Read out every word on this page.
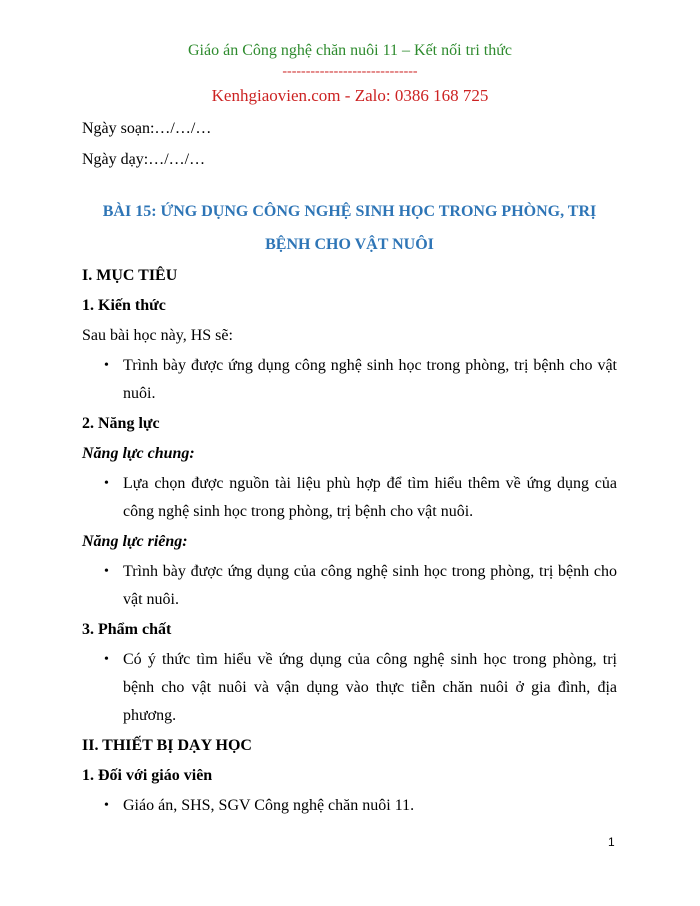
Giáo án Công nghệ chăn nuôi 11 – Kết nối tri thức
-----------------------------
Kenhgiaovien.com - Zalo: 0386 168 725

Ngày soạn:…/…/…

Ngày dạy:…/…/…

BÀI 15: ỨNG DỤNG CÔNG NGHỆ SINH HỌC TRONG PHÒNG, TRỊ
BỆNH CHO VẬT NUÔI

I. MỤC TIÊU

1. Kiến thức

Sau bài học này, HS sẽ:

• Trình bày được ứng dụng công nghệ sinh học trong phòng, trị bệnh cho vật nuôi.

2. Năng lực

Năng lực chung:

• Lựa chọn được nguồn tài liệu phù hợp để tìm hiểu thêm về ứng dụng của công nghệ sinh học trong phòng, trị bệnh cho vật nuôi.

Năng lực riêng:

• Trình bày được ứng dụng của công nghệ sinh học trong phòng, trị bệnh cho vật nuôi.

3. Phẩm chất

• Có ý thức tìm hiểu về ứng dụng của công nghệ sinh học trong phòng, trị bệnh cho vật nuôi và vận dụng vào thực tiễn chăn nuôi ở gia đình, địa phương.

II. THIẾT BỊ DẠY HỌC

1. Đối với giáo viên

• Giáo án, SHS, SGV Công nghệ chăn nuôi 11.
1
